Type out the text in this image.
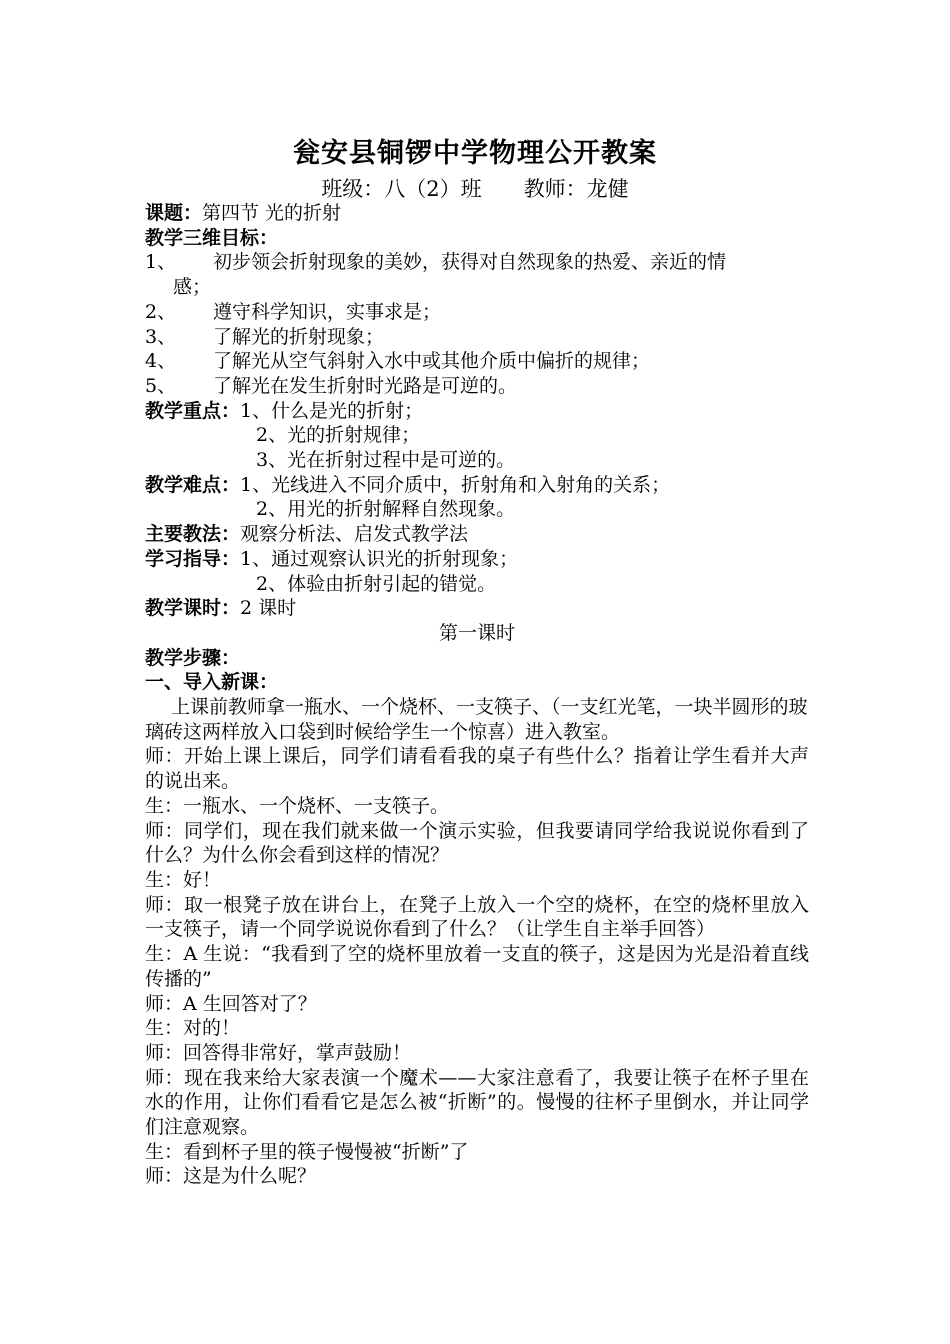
瓮安县铜锣中学物理公开教案
班级：八（2）班 教师：龙健
课题：第四节 光的折射
教学三维目标：
1、 初步领会折射现象的美妙，获得对自然现象的热爱、亲近的情
感；
2、 遵守科学知识，实事求是；
3、 了解光的折射现象；
4、 了解光从空气斜射入水中或其他介质中偏折的规律；
5、 了解光在发生折射时光路是可逆的。
教学重点：1、什么是光的折射；
2、光的折射规律；
3、光在折射过程中是可逆的。
教学难点：1、光线进入不同介质中，折射角和入射角的关系；
2、用光的折射解释自然现象。
主要教法：观察分析法、启发式教学法
学习指导：1、通过观察认识光的折射现象；
2、体验由折射引起的错觉。
教学课时：2 课时
第一课时
教学步骤：
一、导入新课：
上课前教师拿一瓶水、一个烧杯、一支筷子、（一支红光笔，一块半圆形的玻璃砖这两样放入口袋到时候给学生一个惊喜）进入教室。
师：开始上课上课后，同学们请看看我的桌子有些什么？指着让学生看并大声的说出来。
生：一瓶水、一个烧杯、一支筷子。
师：同学们，现在我们就来做一个演示实验，但我要请同学给我说说你看到了什么？为什么你会看到这样的情况？
生：好！
师：取一根凳子放在讲台上，在凳子上放入一个空的烧杯，在空的烧杯里放入一支筷子，请一个同学说说你看到了什么？（让学生自主举手回答）
生：A 生说：“我看到了空的烧杯里放着一支直的筷子，这是因为光是沿着直线传播的”
师：A 生回答对了？
生：对的！
师：回答得非常好，掌声鼓励！
师：现在我来给大家表演一个魔术——大家注意看了，我要让筷子在杯子里在水的作用，让你们看看它是怎么被“折断”的。慢慢的往杯子里倒水，并让同学们注意观察。
生：看到杯子里的筷子慢慢被“折断”了
师：这是为什么呢？
